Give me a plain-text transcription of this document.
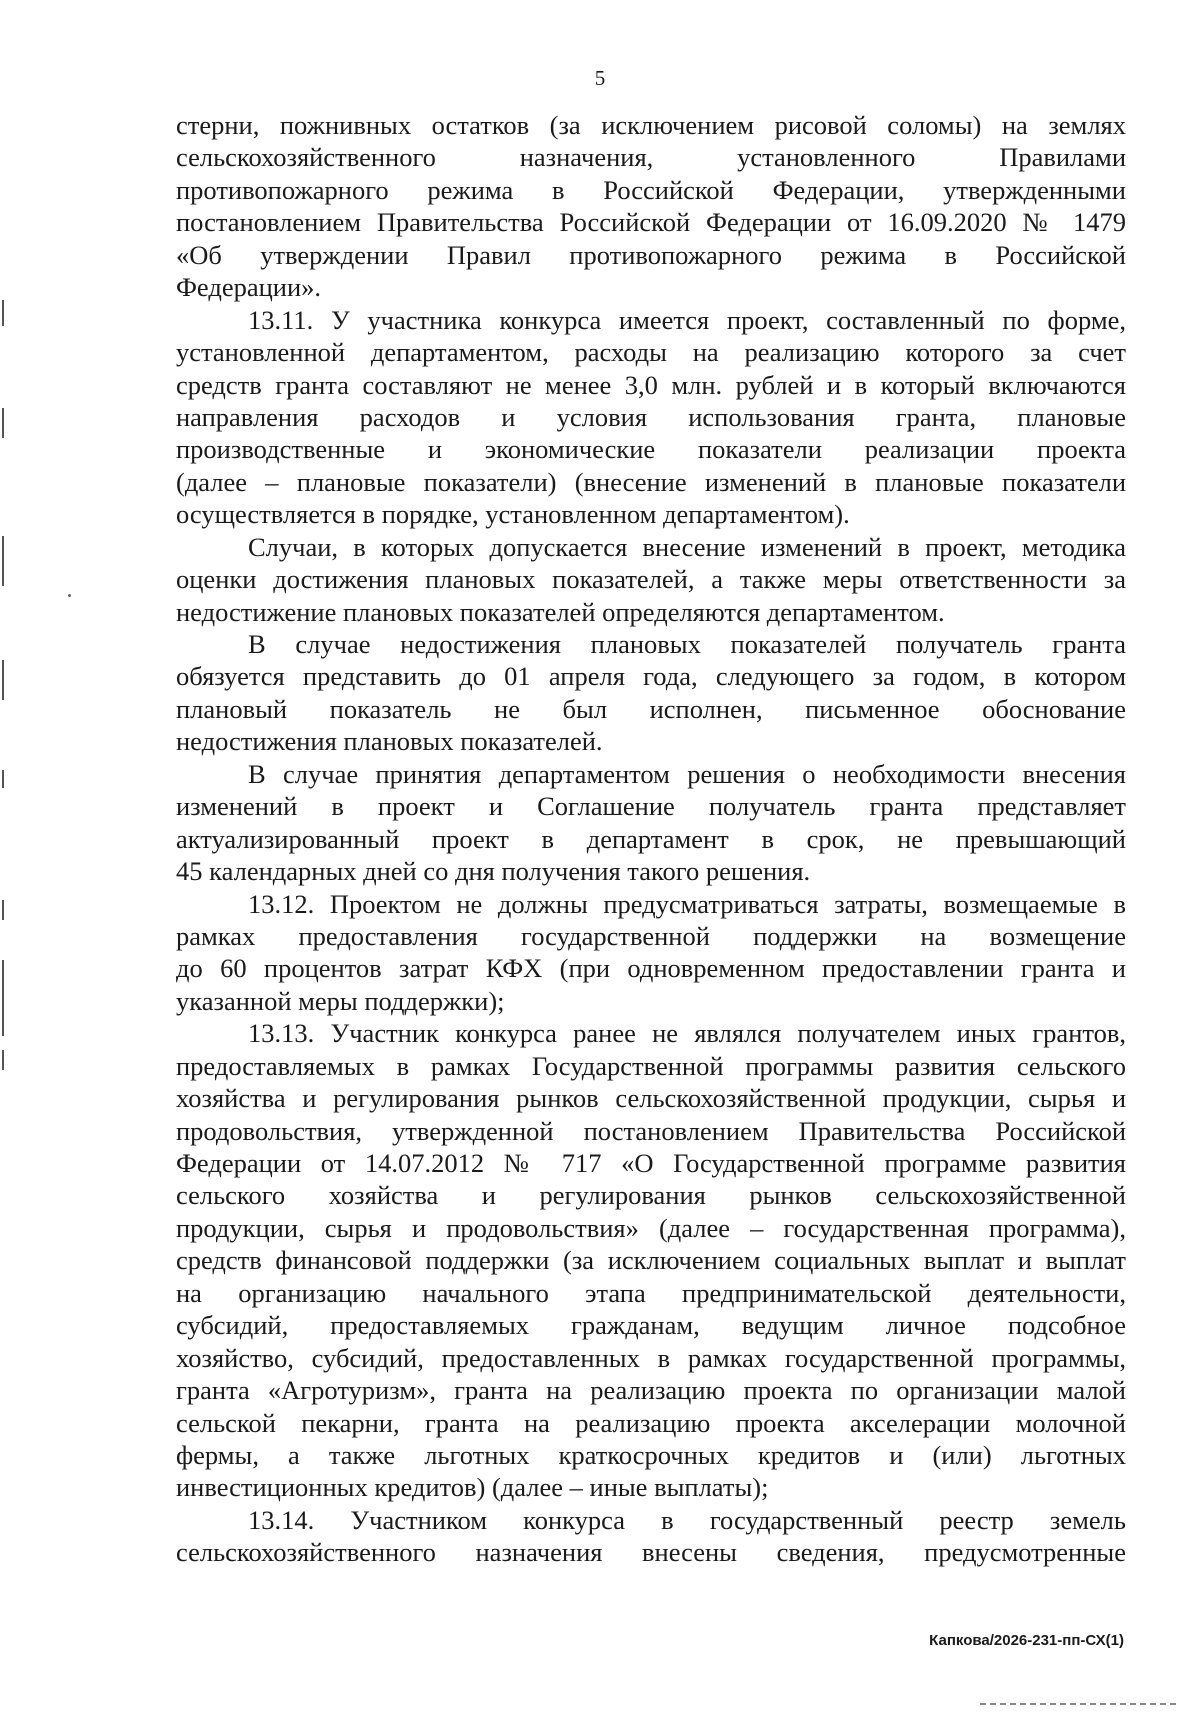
5
стерни, пожнивных остатков (за исключением рисовой соломы) на землях
сельскохозяйственного назначения, установленного Правилами
противопожарного режима в Российской Федерации, утвержденными
постановлением Правительства Российской Федерации от 16.09.2020 № 1479
«Об утверждении Правил противопожарного режима в Российской
Федерации».
13.11. У участника конкурса имеется проект, составленный по форме,
установленной департаментом, расходы на реализацию которого за счет
средств гранта составляют не менее 3,0 млн. рублей и в который включаются
направления расходов и условия использования гранта, плановые
производственные и экономические показатели реализации проекта
(далее – плановые показатели) (внесение изменений в плановые показатели
осуществляется в порядке, установленном департаментом).
Случаи, в которых допускается внесение изменений в проект, методика
оценки достижения плановых показателей, а также меры ответственности за
недостижение плановых показателей определяются департаментом.
В случае недостижения плановых показателей получатель гранта
обязуется представить до 01 апреля года, следующего за годом, в котором
плановый показатель не был исполнен, письменное обоснование
недостижения плановых показателей.
В случае принятия департаментом решения о необходимости внесения
изменений в проект и Соглашение получатель гранта представляет
актуализированный проект в департамент в срок, не превышающий
45 календарных дней со дня получения такого решения.
13.12. Проектом не должны предусматриваться затраты, возмещаемые в
рамках предоставления государственной поддержки на возмещение
до 60 процентов затрат КФХ (при одновременном предоставлении гранта и
указанной меры поддержки);
13.13. Участник конкурса ранее не являлся получателем иных грантов,
предоставляемых в рамках Государственной программы развития сельского
хозяйства и регулирования рынков сельскохозяйственной продукции, сырья и
продовольствия, утвержденной постановлением Правительства Российской
Федерации от 14.07.2012 № 717 «О Государственной программе развития
сельского хозяйства и регулирования рынков сельскохозяйственной
продукции, сырья и продовольствия» (далее – государственная программа),
средств финансовой поддержки (за исключением социальных выплат и выплат
на организацию начального этапа предпринимательской деятельности,
субсидий, предоставляемых гражданам, ведущим личное подсобное
хозяйство, субсидий, предоставленных в рамках государственной программы,
гранта «Агротуризм», гранта на реализацию проекта по организации малой
сельской пекарни, гранта на реализацию проекта акселерации молочной
фермы, а также льготных краткосрочных кредитов и (или) льготных
инвестиционных кредитов) (далее – иные выплаты);
13.14. Участником конкурса в государственный реестр земель
сельскохозяйственного назначения внесены сведения, предусмотренные
Капкова/2026-231-пп-СХ(1)
